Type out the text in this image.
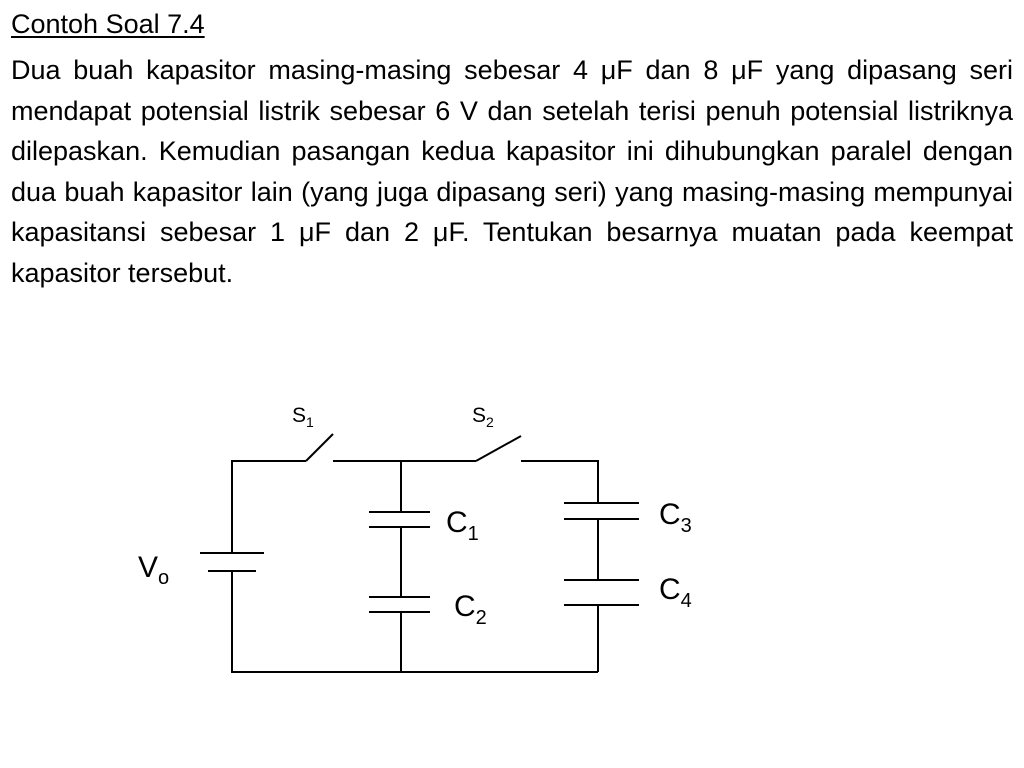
Contoh Soal 7.4

Dua buah kapasitor masing-masing sebesar 4 μF dan 8 μF yang dipasang seri mendapat potensial listrik sebesar 6 V dan setelah terisi penuh potensial listriknya dilepaskan. Kemudian pasangan kedua kapasitor ini dihubungkan paralel dengan dua buah kapasitor lain (yang juga dipasang seri) yang masing-masing mempunyai kapasitansi sebesar 1 μF dan 2 μF. Tentukan besarnya muatan pada keempat kapasitor tersebut.

$S_1$	$S_2$
$V_o$
$C_1$
$C_2$
$C_3$
$C_4$
